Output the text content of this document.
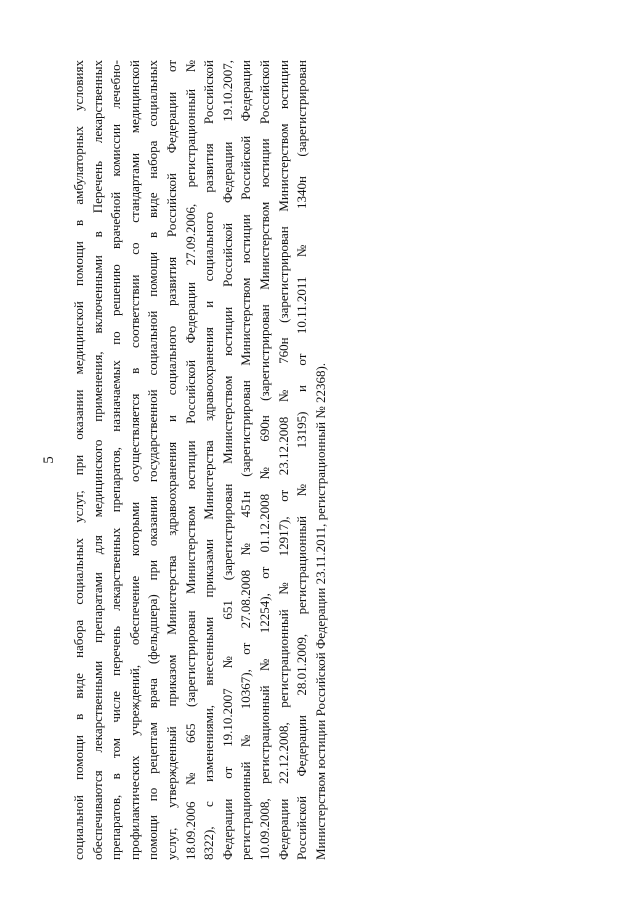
5 социальной помощи в виде набора социальных услуг, при оказании медицинской помощи в амбулаторных условиях обеспечиваются лекарственными препаратами для медицинского применения, включенными в Перечень лекарственных препаратов, в том числе перечень лекарственных препаратов, назначаемых по решению врачебной комиссии лечебно- профилактических учреждений, обеспечение которыми осуществляется в соответствии со стандартами медицинской помощи по рецептам врача (фельдшера) при оказании государственной социальной помощи в виде набора социальных услуг, утвержденный приказом Министерства здравоохранения и социального развития Российской Федерации от 18.09.2006 № 665 (зарегистрирован Министерством юстиции Российской Федерации 27.09.2006, регистрационный № 8322), с изменениями, внесенными приказами Министерства здравоохранения и социального развития Российской Федерации от 19.10.2007 № 651 (зарегистрирован Министерством юстиции Российской Федерации 19.10.2007, регистрационный № 10367), от 27.08.2008 № 451н (зарегистрирован Министерством юстиции Российской Федерации 10.09.2008, регистрационный № 12254), от 01.12.2008 № 690н (зарегистрирован Министерством юстиции Российской Федерации 22.12.2008, регистрационный № 12917), от 23.12.2008 № 760н (зарегистрирован Министерством юстиции Российской Федерации 28.01.2009, регистрационный № 13195) и от 10.11.2011 № 1340н (зарегистрирован Министерством юстиции Российской Федерации 23.11.2011, регистрационный № 22368).
